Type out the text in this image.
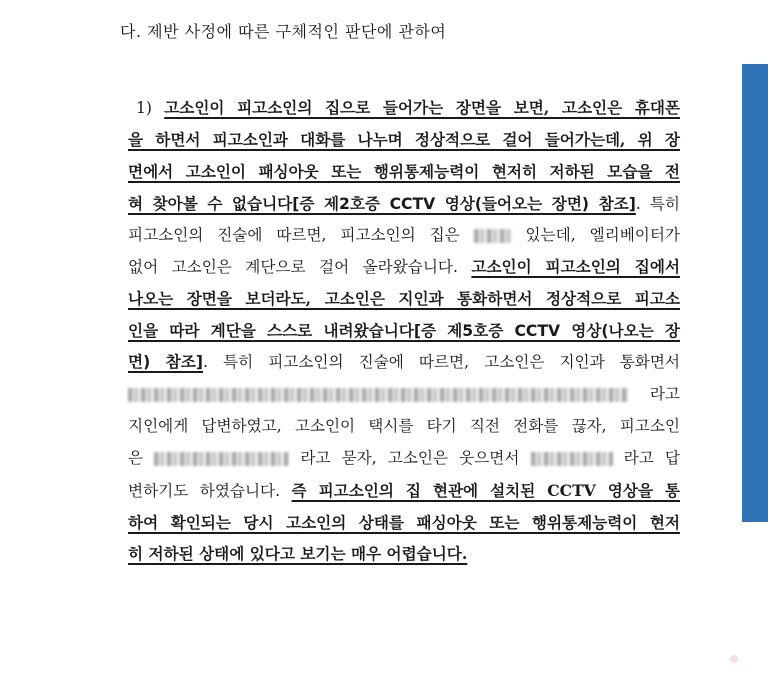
다. 제반 사정에 따른 구체적인 판단에 관하여
1) 고소인이 피고소인의 집으로 들어가는 장면을 보면, 고소인은 휴대폰
을 하면서 피고소인과 대화를 나누며 정상적으로 걸어 들어가는데, 위 장
면에서 고소인이 패싱아웃 또는 행위통제능력이 현저히 저하된 모습을 전
혀 찾아볼 수 없습니다[증 제2호증 CCTV 영상(들어오는 장면) 참조]. 특히
피고소인의 진술에 따르면, 피고소인의 집은  있는데, 엘리베이터가
없어 고소인은 계단으로 걸어 올라왔습니다. 고소인이 피고소인의 집에서
나오는 장면을 보더라도, 고소인은 지인과 통화하면서 정상적으로 피고소
인을 따라 계단을 스스로 내려왔습니다[증 제5호증 CCTV 영상(나오는 장
면) 참조]. 특히 피고소인의 진술에 따르면, 고소인은 지인과 통화면서
라고
지인에게 답변하였고, 고소인이 택시를 타기 직전 전화를 끊자, 피고소인
은	라고 묻자, 고소인은 웃으면서	라고 답
변하기도 하였습니다. 즉 피고소인의 집 현관에 설치된 CCTV 영상을 통
하여 확인되는 당시 고소인의 상태를 패싱아웃 또는 행위통제능력이 현저
히 저하된 상태에 있다고 보기는 매우 어렵습니다.
